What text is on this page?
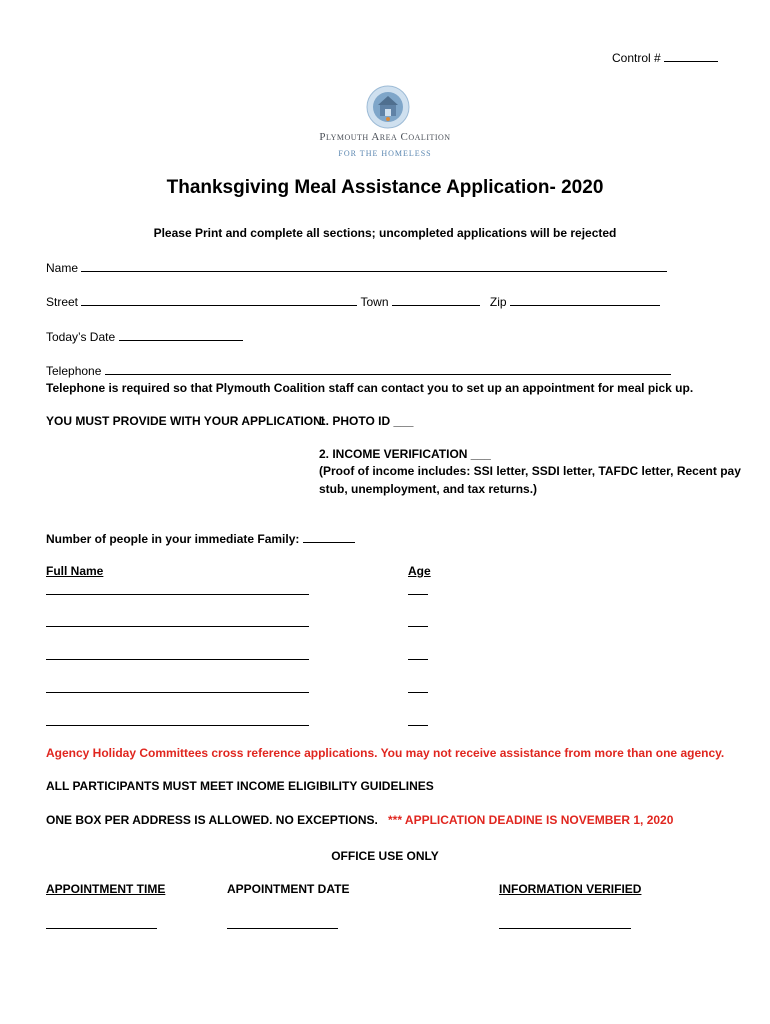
Control #
Plymouth Area Coalition
FOR THE HOMELESS
Thanksgiving Meal Assistance Application- 2020
Please Print and complete all sections; uncompleted applications will be rejected
Name
Street	Town	Zip
Today’s Date
Telephone
Telephone is required so that Plymouth Coalition staff can contact you to set up an appointment for meal pick up.
YOU MUST PROVIDE WITH YOUR APPLICATION:
1. PHOTO ID ___
2. INCOME VERIFICATION ___
(Proof of income includes: SSI letter, SSDI letter, TAFDC letter, Recent pay
stub, unemployment, and tax returns.)
Number of people in your immediate Family:
Full Name	Age
Agency Holiday Committees cross reference applications. You may not receive assistance from more than one agency.
ALL PARTICIPANTS MUST MEET INCOME ELIGIBILITY GUIDELINES
ONE BOX PER ADDRESS IS ALLOWED. NO EXCEPTIONS. *** APPLICATION DEADINE IS NOVEMBER 1, 2020
OFFICE USE ONLY
APPOINTMENT TIME	APPOINTMENT DATE	INFORMATION VERIFIED
